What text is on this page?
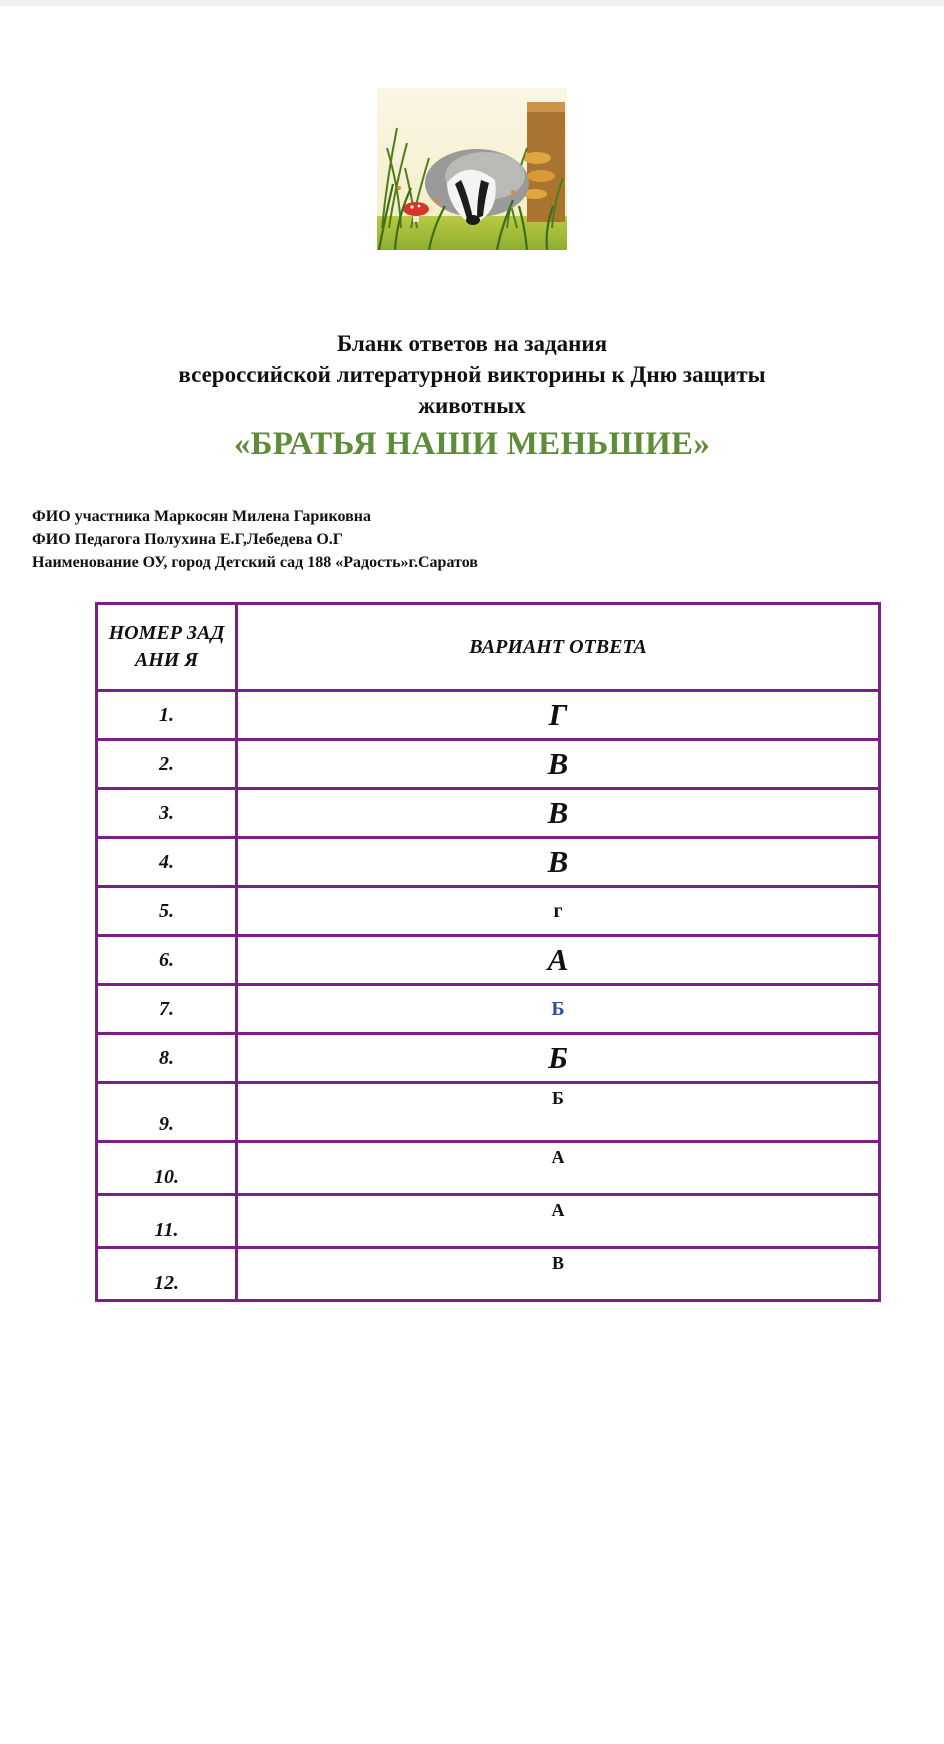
Бланк ответов на задания
всероссийской литературной викторины к Дню защиты
животных
«БРАТЬЯ НАШИ МЕНЬШИЕ»
ФИО участника Маркосян Милена Гариковна
ФИО Педагога Полухина Е.Г,Лебедева О.Г
Наименование ОУ, город Детский сад 188 «Радость»г.Саратов
НОМЕР ЗАДАНИ Я	ВАРИАНТ ОТВЕТА
1.	Г
2.	В
3.	В
4.	В
5.	г
6.	А
7.	Б
8.	Б
9.	Б
10.	А
11.	А
12.	В
